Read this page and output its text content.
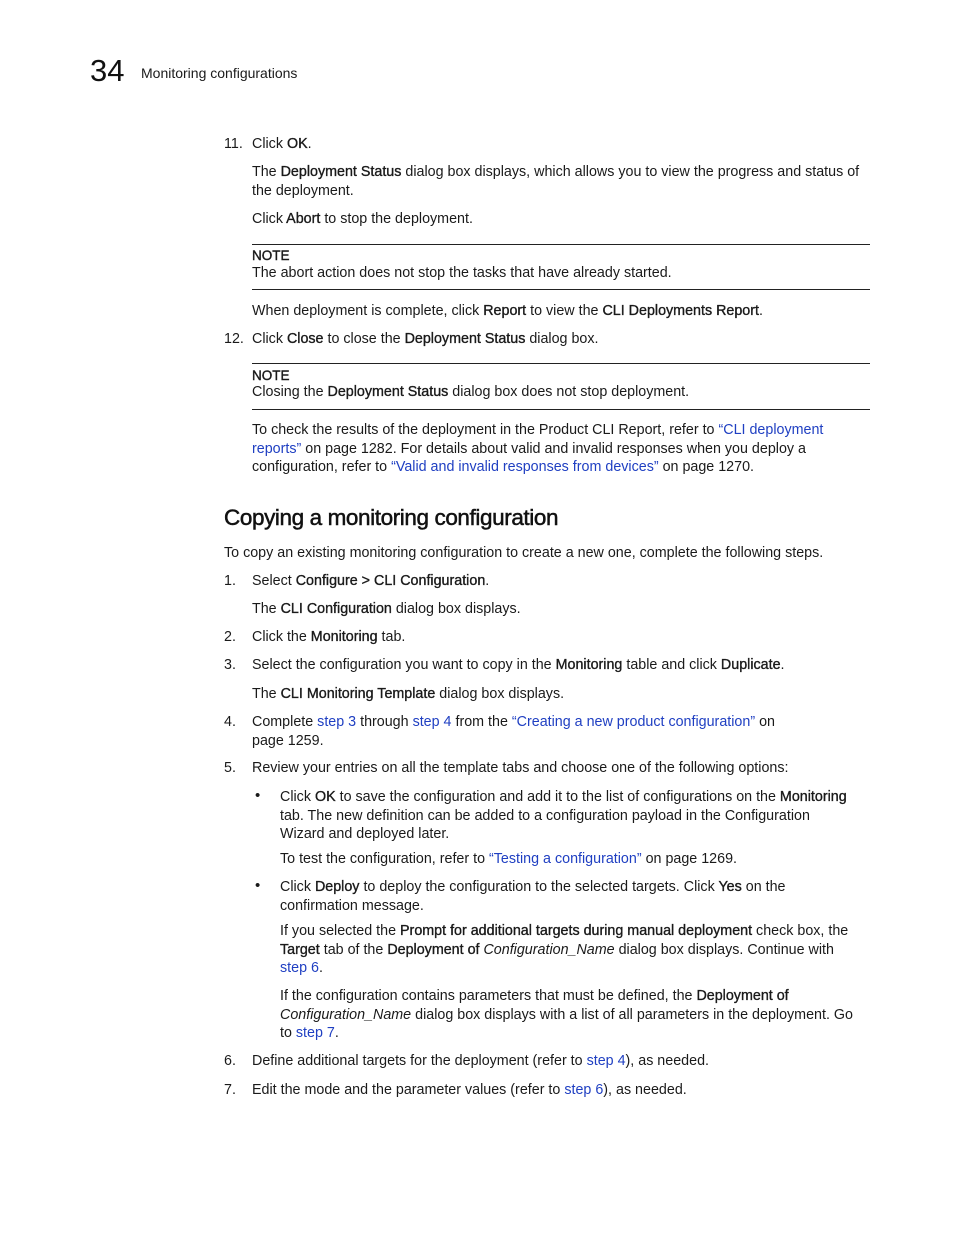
34 Monitoring configurations
11. Click OK.

The Deployment Status dialog box displays, which allows you to view the progress and status of
the deployment.

Click Abort to stop the deployment.

NOTE

The abort action does not stop the tasks that have already started.

When deployment is complete, click Report to view the CLI Deployments Report.

12. Click Close to close the Deployment Status dialog box.

NOTE

Closing the Deployment Status dialog box does not stop deployment.

To check the results of the deployment in the Product CLI Report, refer to “CLI deployment
reports” on page 1282. For details about valid and invalid responses when you deploy a
configuration, refer to “Valid and invalid responses from devices” on page 1270.

Copying a monitoring configuration

To copy an existing monitoring configuration to create a new one, complete the following steps.

1. Select Configure > CLI Configuration.

The CLI Configuration dialog box displays.

2. Click the Monitoring tab.

3. Select the configuration you want to copy in the Monitoring table and click Duplicate.

The CLI Monitoring Template dialog box displays.

4. Complete step 3 through step 4 from the “Creating a new product configuration” on
page 1259.

5. Review your entries on all the template tabs and choose one of the following options:

• Click OK to save the configuration and add it to the list of configurations on the Monitoring
tab. The new definition can be added to a configuration payload in the Configuration
Wizard and deployed later.

To test the configuration, refer to “Testing a configuration” on page 1269.

• Click Deploy to deploy the configuration to the selected targets. Click Yes on the
confirmation message.

If you selected the Prompt for additional targets during manual deployment check box, the
Target tab of the Deployment of Configuration_Name dialog box displays. Continue with
step 6.

If the configuration contains parameters that must be defined, the Deployment of
Configuration_Name dialog box displays with a list of all parameters in the deployment. Go
to step 7.

6. Define additional targets for the deployment (refer to step 4), as needed.

7. Edit the mode and the parameter values (refer to step 6), as needed.
